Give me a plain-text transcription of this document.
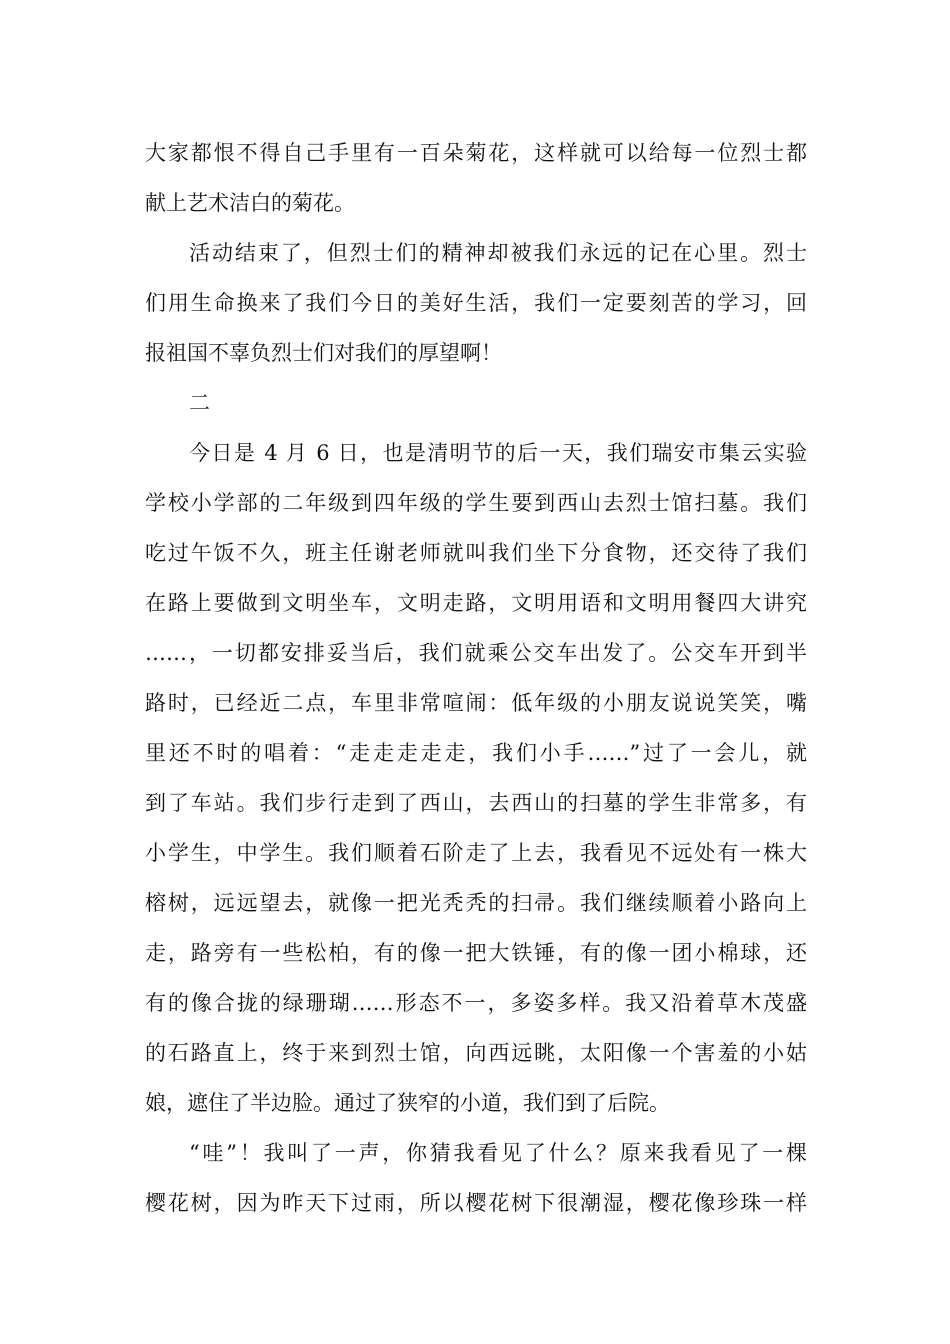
大家都恨不得自己手里有一百朵菊花，这样就可以给每一位烈士都
献上艺术洁白的菊花。
活动结束了，但烈士们的精神却被我们永远的记在心里。烈士
们用生命换来了我们今日的美好生活，我们一定要刻苦的学习，回
报祖国不辜负烈士们对我们的厚望啊！
二
今日是 4 月 6 日，也是清明节的后一天，我们瑞安市集云实验
学校小学部的二年级到四年级的学生要到西山去烈士馆扫墓。我们
吃过午饭不久，班主任谢老师就叫我们坐下分食物，还交待了我们
在路上要做到文明坐车，文明走路，文明用语和文明用餐四大讲究
……，一切都安排妥当后，我们就乘公交车出发了。公交车开到半
路时，已经近二点，车里非常喧闹：低年级的小朋友说说笑笑，嘴
里还不时的唱着：“走走走走走，我们小手……”过了一会儿，就
到了车站。我们步行走到了西山，去西山的扫墓的学生非常多，有
小学生，中学生。我们顺着石阶走了上去，我看见不远处有一株大
榕树，远远望去，就像一把光秃秃的扫帚。我们继续顺着小路向上
走，路旁有一些松柏，有的像一把大铁锤，有的像一团小棉球，还
有的像合拢的绿珊瑚……形态不一，多姿多样。我又沿着草木茂盛
的石路直上，终于来到烈士馆，向西远眺，太阳像一个害羞的小姑
娘，遮住了半边脸。通过了狭窄的小道，我们到了后院。
“哇”！我叫了一声，你猜我看见了什么？原来我看见了一棵
樱花树，因为昨天下过雨，所以樱花树下很潮湿，樱花像珍珠一样
